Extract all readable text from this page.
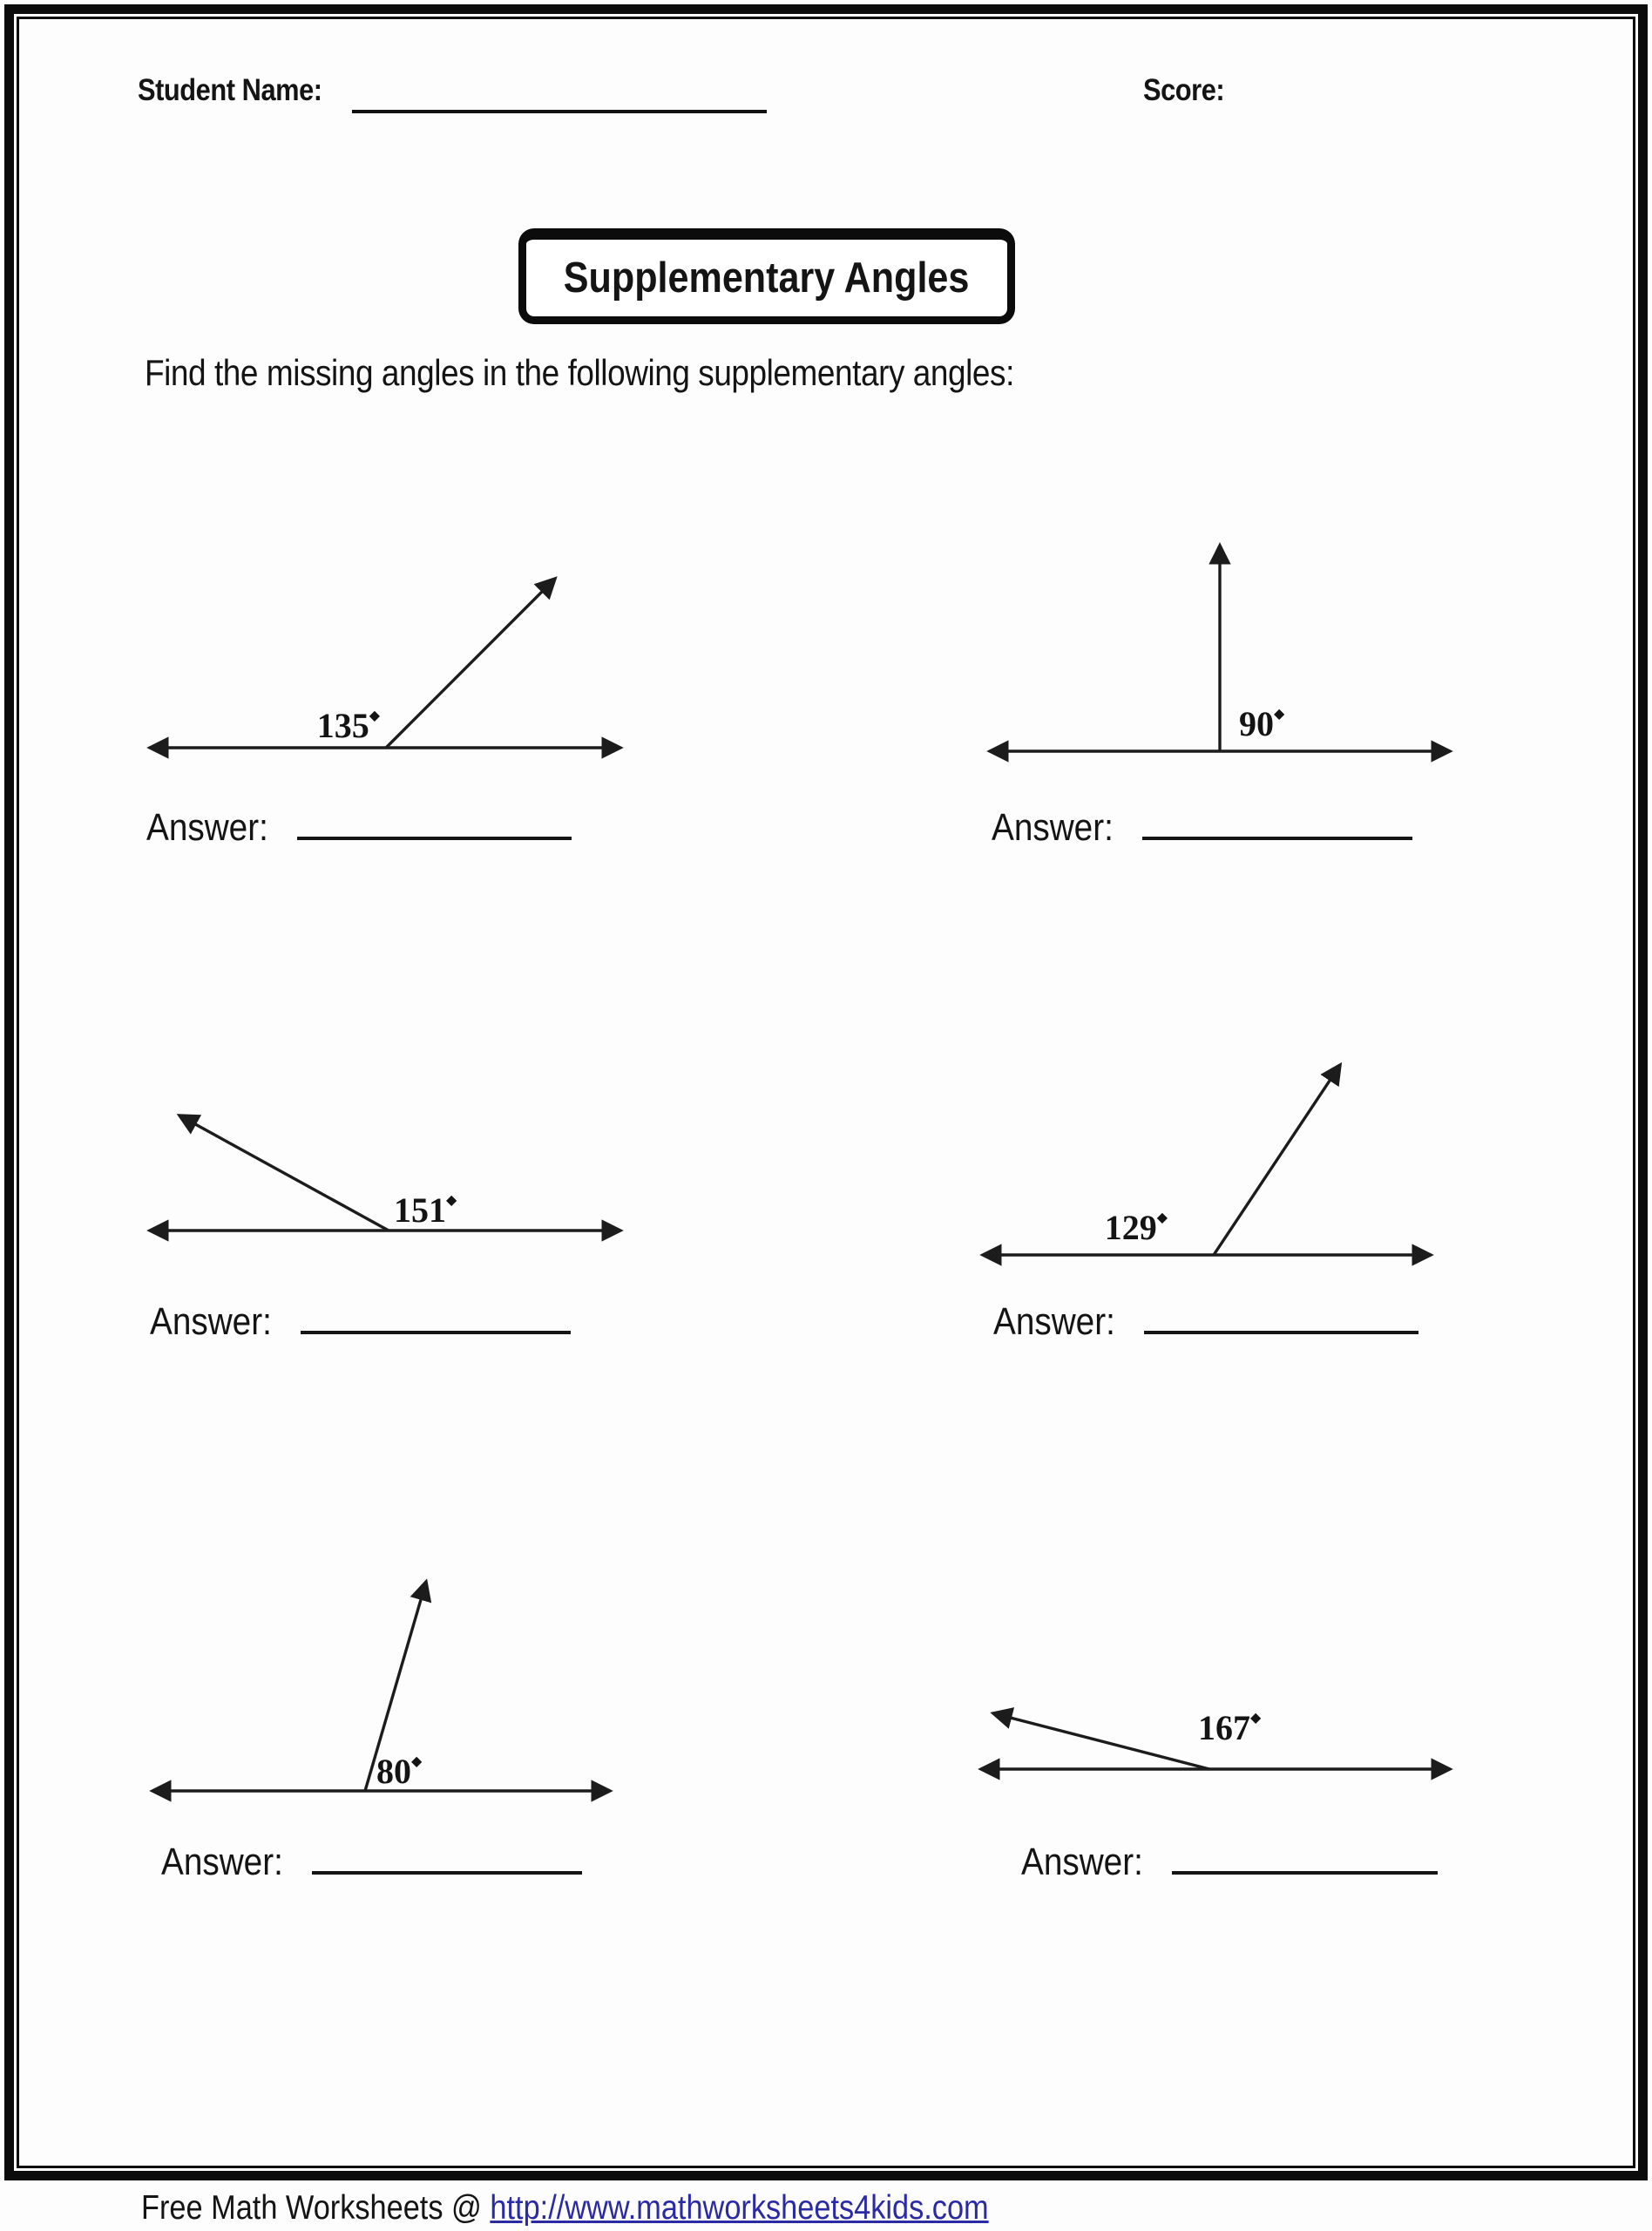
Student Name:	Score:
Supplementary Angles
Find the missing angles in the following supplementary angles:
135◆
Answer:
90◆
Answer:
151◆
Answer:
129◆
Answer:
80◆
Answer:
167◆
Answer:
Free Math Worksheets @ http://www.mathworksheets4kids.com
